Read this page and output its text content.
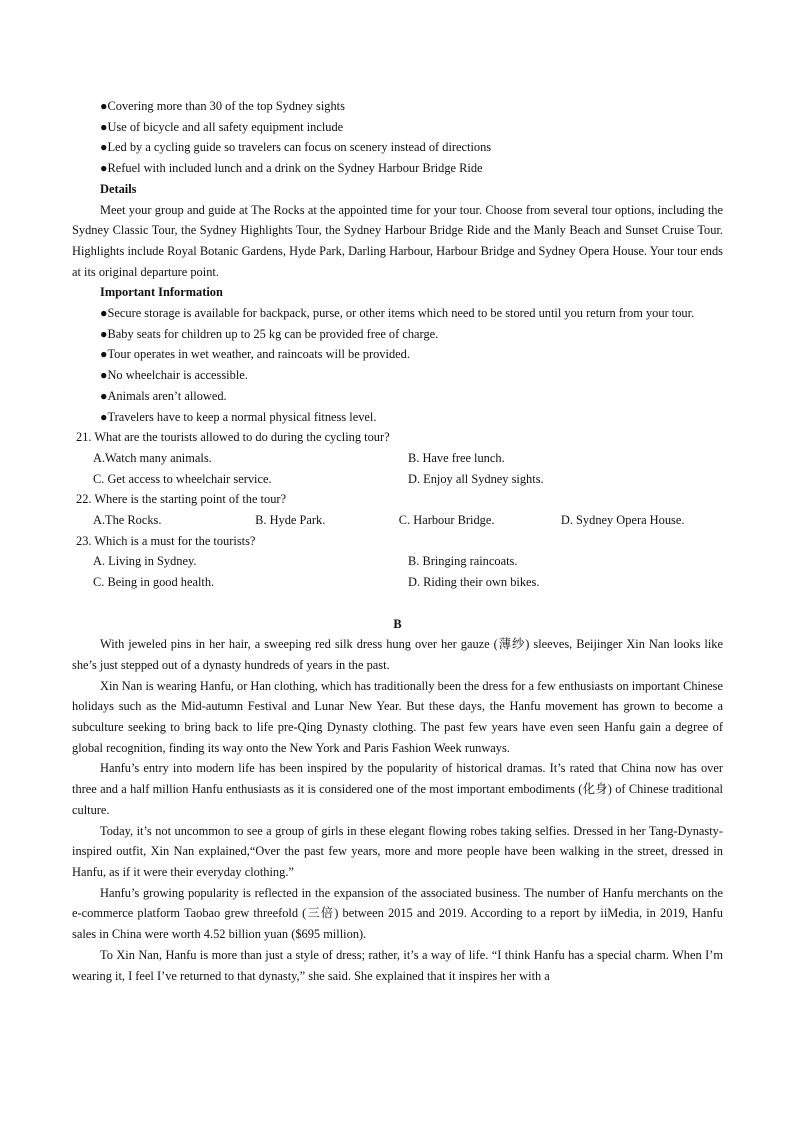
●Covering more than 30 of the top Sydney sights

●Use of bicycle and all safety equipment include

●Led by a cycling guide so travelers can focus on scenery instead of directions

●Refuel with included lunch and a drink on the Sydney Harbour Bridge Ride

Details

Meet your group and guide at The Rocks at the appointed time for your tour. Choose from several tour options, including the Sydney Classic Tour, the Sydney Highlights Tour, the Sydney Harbour Bridge Ride and the Manly Beach and Sunset Cruise Tour. Highlights include Royal Botanic Gardens, Hyde Park, Darling Harbour, Harbour Bridge and Sydney Opera House. Your tour ends at its original departure point.

Important Information

●Secure storage is available for backpack, purse, or other items which need to be stored until you return from your tour.

●Baby seats for children up to 25 kg can be provided free of charge.

●Tour operates in wet weather, and raincoats will be provided.

●No wheelchair is accessible.

●Animals aren’t allowed.

●Travelers have to keep a normal physical fitness level.

21. What are the tourists allowed to do during the cycling tour?

A.Watch many animals.	B. Have free lunch.
C. Get access to wheelchair service.	D. Enjoy all Sydney sights.

22. Where is the starting point of the tour?

A.The Rocks.	B. Hyde Park.	C. Harbour Bridge.	D. Sydney Opera House.

23. Which is a must for the tourists?

A. Living in Sydney.	B. Bringing raincoats.
C. Being in good health.	D. Riding their own bikes.

B

With jeweled pins in her hair, a sweeping red silk dress hung over her gauze (薄纱) sleeves, Beijinger Xin Nan looks like she’s just stepped out of a dynasty hundreds of years in the past.

Xin Nan is wearing Hanfu, or Han clothing, which has traditionally been the dress for a few enthusiasts on important Chinese holidays such as the Mid-autumn Festival and Lunar New Year. But these days, the Hanfu movement has grown to become a subculture seeking to bring back to life pre-Qing Dynasty clothing. The past few years have even seen Hanfu gain a degree of global recognition, finding its way onto the New York and Paris Fashion Week runways.

Hanfu’s entry into modern life has been inspired by the popularity of historical dramas. It’s rated that China now has over three and a half million Hanfu enthusiasts as it is considered one of the most important embodiments (化身) of Chinese traditional culture.

Today, it’s not uncommon to see a group of girls in these elegant flowing robes taking selfies. Dressed in her Tang-Dynasty-inspired outfit, Xin Nan explained,“Over the past few years, more and more people have been walking in the street, dressed in Hanfu, as if it were their everyday clothing.”

Hanfu’s growing popularity is reflected in the expansion of the associated business. The number of Hanfu merchants on the e-commerce platform Taobao grew threefold (三倍) between 2015 and 2019. According to a report by iiMedia, in 2019, Hanfu sales in China were worth 4.52 billion yuan ($695 million).

To Xin Nan, Hanfu is more than just a style of dress; rather, it’s a way of life. “I think Hanfu has a special charm. When I’m wearing it, I feel I’ve returned to that dynasty,” she said. She explained that it inspires her with a
